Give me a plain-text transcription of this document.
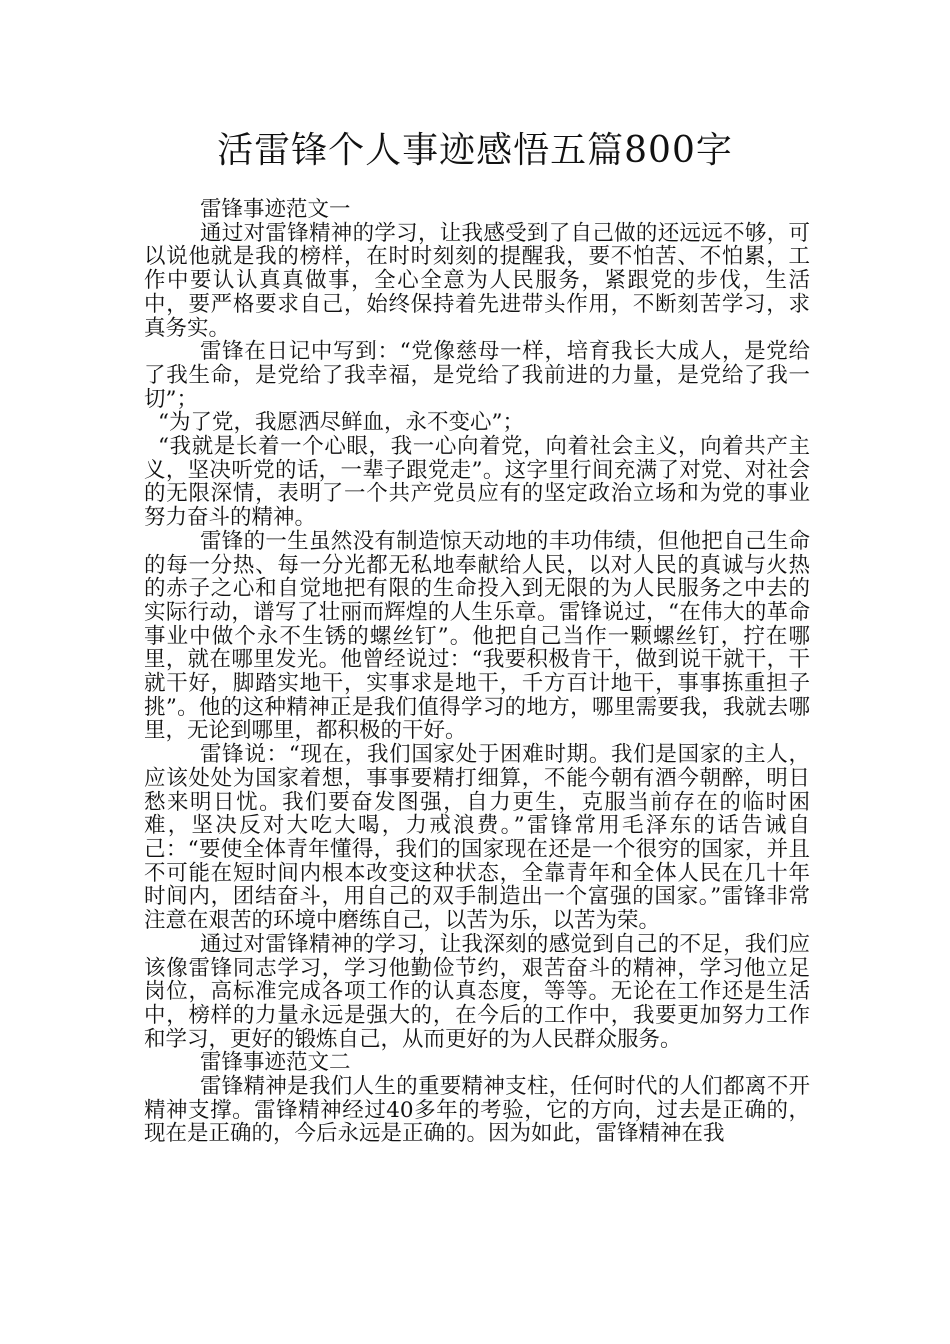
活雷锋个人事迹感悟五篇800字

雷锋事迹范文一

通过对雷锋精神的学习，让我感受到了自己做的还远远不够，可以说他就是我的榜样，在时时刻刻的提醒我，要不怕苦、不怕累，工作中要认认真真做事，全心全意为人民服务，紧跟党的步伐，生活中，要严格要求自己，始终保持着先进带头作用，不断刻苦学习，求真务实。

雷锋在日记中写到：“党像慈母一样，培育我长大成人，是党给了我生命，是党给了我幸福，是党给了我前进的力量，是党给了我一切”；

“为了党，我愿洒尽鲜血，永不变心”；

“我就是长着一个心眼，我一心向着党，向着社会主义，向着共产主义，坚决听党的话，一辈子跟党走”。这字里行间充满了对党、对社会的无限深情，表明了一个共产党员应有的坚定政治立场和为党的事业努力奋斗的精神。

雷锋的一生虽然没有制造惊天动地的丰功伟绩，但他把自己生命的每一分热、每一分光都无私地奉献给人民，以对人民的真诚与火热的赤子之心和自觉地把有限的生命投入到无限的为人民服务之中去的实际行动，谱写了壮丽而辉煌的人生乐章。雷锋说过，“在伟大的革命事业中做个永不生锈的螺丝钉”。他把自己当作一颗螺丝钉，拧在哪里，就在哪里发光。他曾经说过：“我要积极肯干，做到说干就干，干就干好，脚踏实地干，实事求是地干，千方百计地干，事事拣重担子挑”。他的这种精神正是我们值得学习的地方，哪里需要我，我就去哪里，无论到哪里，都积极的干好。

雷锋说：“现在，我们国家处于困难时期。我们是国家的主人，应该处处为国家着想，事事要精打细算，不能今朝有酒今朝醉，明日愁来明日忧。我们要奋发图强，自力更生，克服当前存在的临时困难，坚决反对大吃大喝，力戒浪费。”雷锋常用毛泽东的话告诫自己：“要使全体青年懂得，我们的国家现在还是一个很穷的国家，并且不可能在短时间内根本改变这种状态，全靠青年和全体人民在几十年时间内，团结奋斗，用自己的双手制造出一个富强的国家。”雷锋非常注意在艰苦的环境中磨练自己，以苦为乐，以苦为荣。

通过对雷锋精神的学习，让我深刻的感觉到自己的不足，我们应该像雷锋同志学习，学习他勤俭节约，艰苦奋斗的精神，学习他立足岗位，高标准完成各项工作的认真态度，等等。无论在工作还是生活中，榜样的力量永远是强大的，在今后的工作中，我要更加努力工作和学习，更好的锻炼自己，从而更好的为人民群众服务。

雷锋事迹范文二

雷锋精神是我们人生的重要精神支柱，任何时代的人们都离不开精神支撑。雷锋精神经过40多年的考验，它的方向，过去是正确的，现在是正确的，今后永远是正确的。因为如此，雷锋精神在我
